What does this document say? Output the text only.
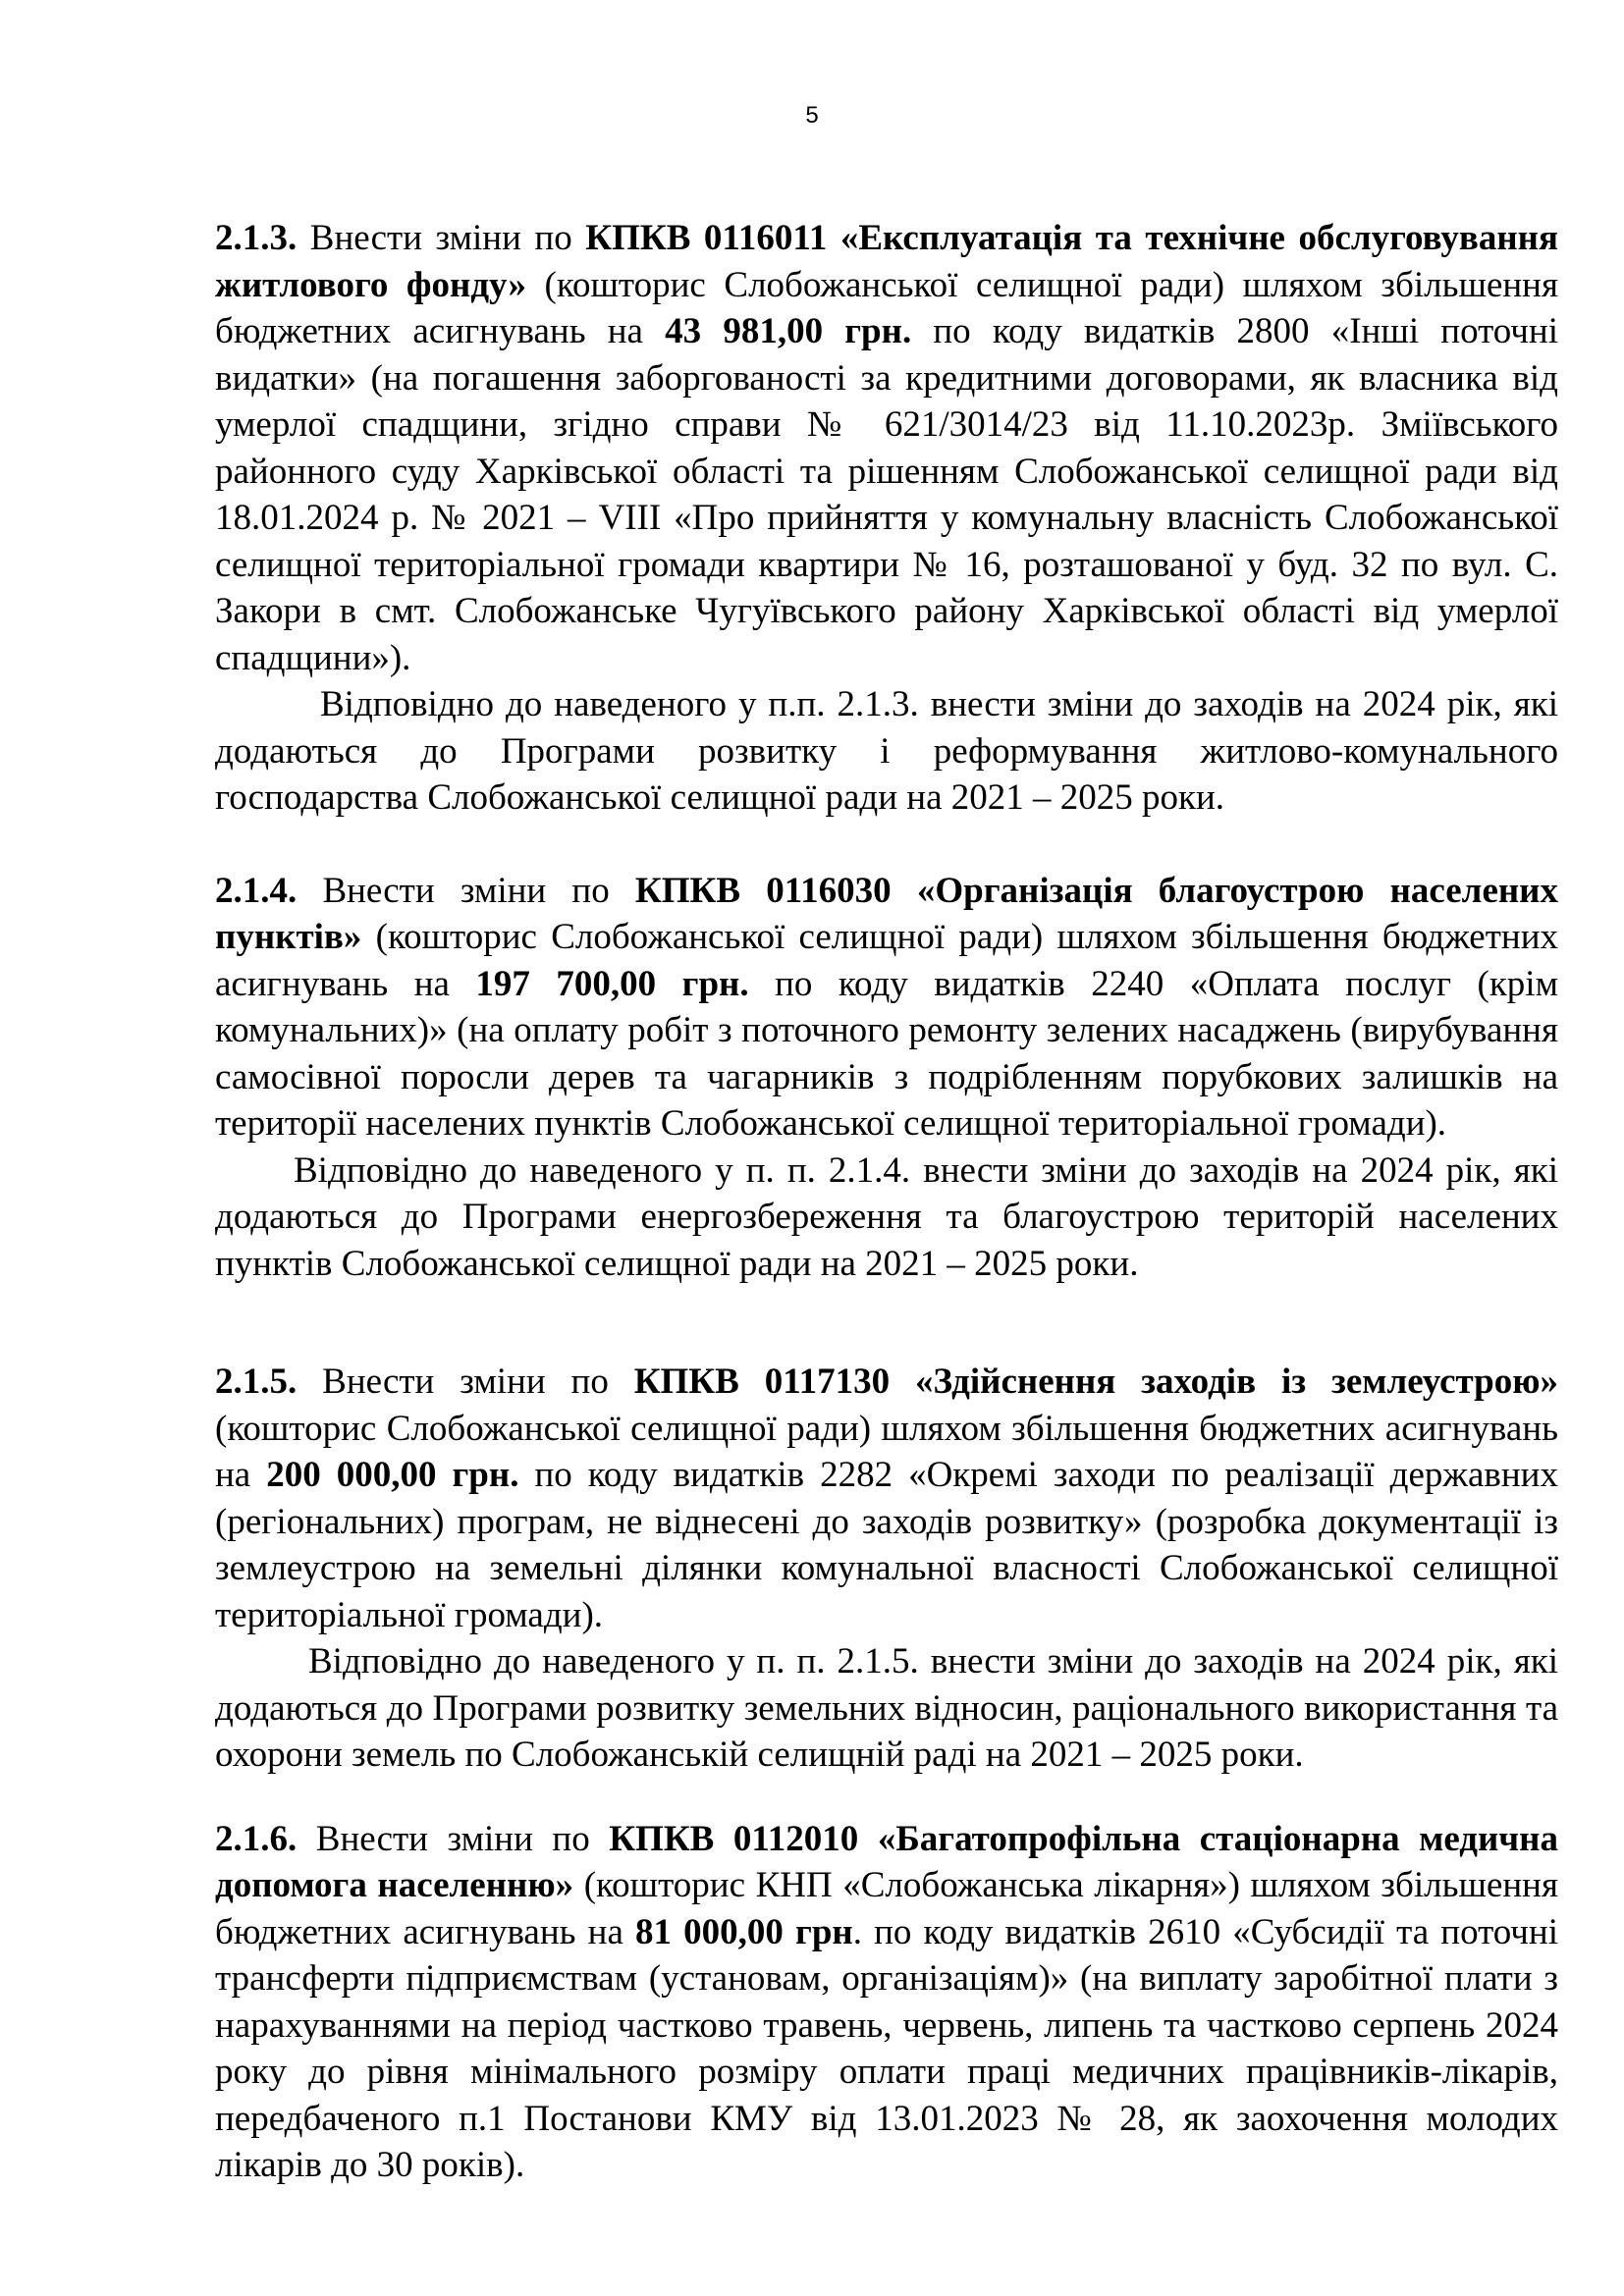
5

2.1.3. Внести зміни по КПКВ 0116011 «Експлуатація та технічне обслуговування житлового фонду» (кошторис Слобожанської селищної ради) шляхом збільшення бюджетних асигнувань на 43 981,00 грн. по коду видатків 2800 «Інші поточні видатки» (на погашення заборгованості за кредитними договорами, як власника від умерлої спадщини, згідно справи № 621/3014/23 від 11.10.2023р. Зміївського районного суду Харківської області та рішенням Слобожанської селищної ради від 18.01.2024 р. № 2021 – VIII «Про прийняття у комунальну власність Слобожанської селищної територіальної громади квартири № 16, розташованої у буд. 32 по вул. С. Закори в смт. Слобожанське Чугуївського району Харківської області від умерлої спадщини»).

Відповідно до наведеного у п.п. 2.1.3. внести зміни до заходів на 2024 рік, які додаються до Програми розвитку і реформування житлово-комунального господарства Слобожанської селищної ради на 2021 – 2025 роки.

2.1.4. Внести зміни по КПКВ 0116030 «Організація благоустрою населених пунктів» (кошторис Слобожанської селищної ради) шляхом збільшення бюджетних асигнувань на 197 700,00 грн. по коду видатків 2240 «Оплата послуг (крім комунальних)» (на оплату робіт з поточного ремонту зелених насаджень (вирубування самосівної поросли дерев та чагарників з подрібленням порубкових залишків на території населених пунктів Слобожанської селищної територіальної громади).

Відповідно до наведеного у п. п. 2.1.4. внести зміни до заходів на 2024 рік, які додаються до Програми енергозбереження та благоустрою територій населених пунктів Слобожанської селищної ради на 2021 – 2025 роки.

2.1.5. Внести зміни по КПКВ 0117130 «Здійснення заходів із землеустрою» (кошторис Слобожанської селищної ради) шляхом збільшення бюджетних асигнувань на 200 000,00 грн. по коду видатків 2282 «Окремі заходи по реалізації державних (регіональних) програм, не віднесені до заходів розвитку» (розробка документації із землеустрою на земельні ділянки комунальної власності Слобожанської селищної територіальної громади).

Відповідно до наведеного у п. п. 2.1.5. внести зміни до заходів на 2024 рік, які додаються до Програми розвитку земельних відносин, раціонального використання та охорони земель по Слобожанській селищній раді на 2021 – 2025 роки.

2.1.6. Внести зміни по КПКВ 0112010 «Багатопрофільна стаціонарна медична допомога населенню» (кошторис КНП «Слобожанська лікарня») шляхом збільшення бюджетних асигнувань на 81 000,00 грн. по коду видатків 2610 «Субсидії та поточні трансферти підприємствам (установам, організаціям)» (на виплату заробітної плати з нарахуваннями на період частково травень, червень, липень та частково серпень 2024 року до рівня мінімального розміру оплати праці медичних працівників-лікарів, передбаченого п.1 Постанови КМУ від 13.01.2023 № 28, як заохочення молодих лікарів до 30 років).
